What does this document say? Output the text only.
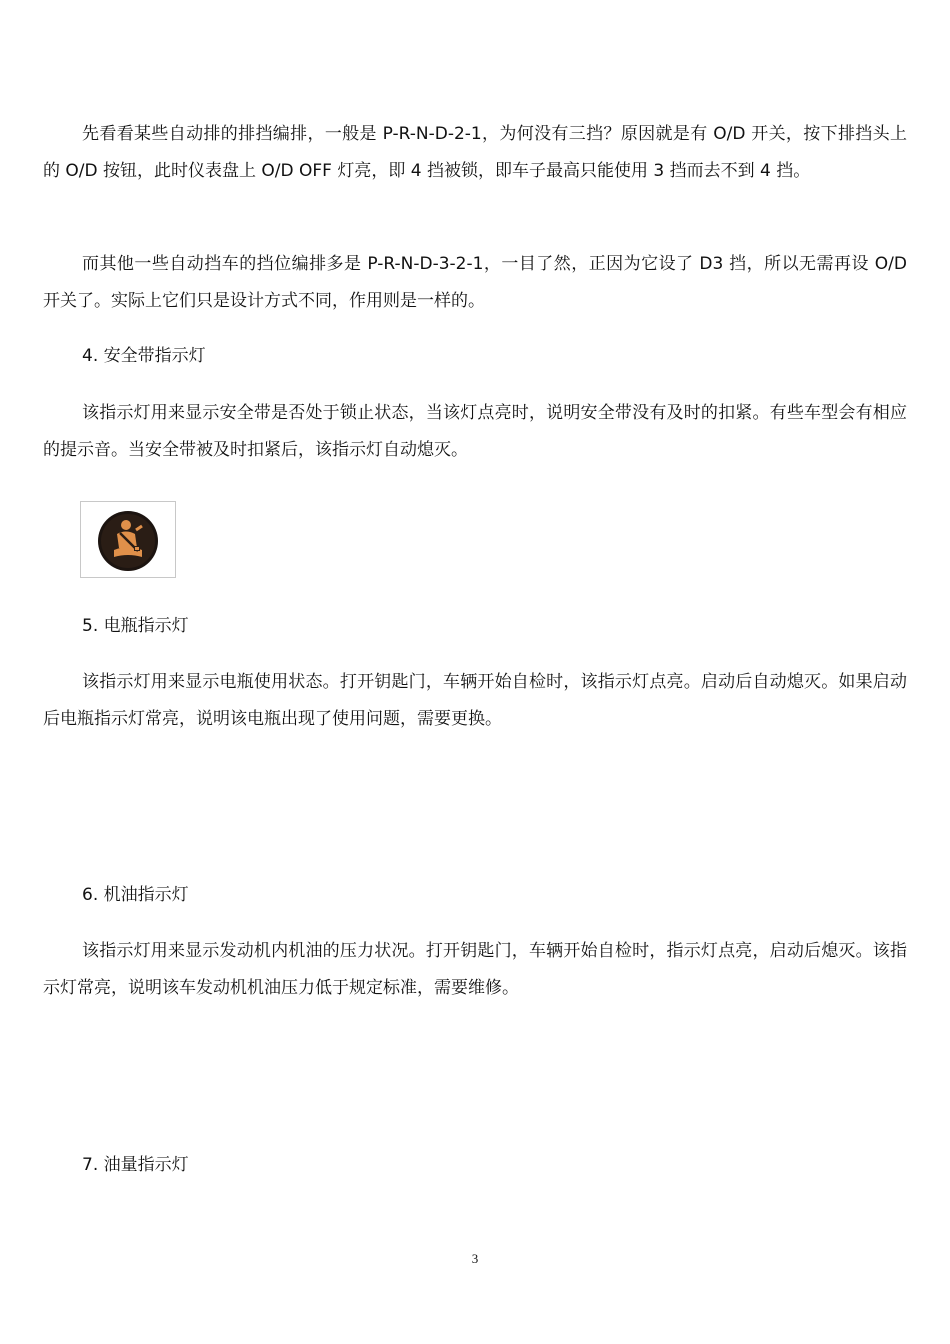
先看看某些自动排的排挡编排，一般是 P-R-N-D-2-1，为何没有三挡？原因就是有 O/D 开关，按下排挡头上的 O/D 按钮，此时仪表盘上 O/D OFF 灯亮，即 4 挡被锁，即车子最高只能使用 3 挡而去不到 4 挡。

而其他一些自动挡车的挡位编排多是 P-R-N-D-3-2-1，一目了然，正因为它设了 D3 挡，所以无需再设 O/D 开关了。实际上它们只是设计方式不同，作用则是一样的。

4. 安全带指示灯

该指示灯用来显示安全带是否处于锁止状态，当该灯点亮时，说明安全带没有及时的扣紧。有些车型会有相应的提示音。当安全带被及时扣紧后，该指示灯自动熄灭。

5. 电瓶指示灯

该指示灯用来显示电瓶使用状态。打开钥匙门，车辆开始自检时，该指示灯点亮。启动后自动熄灭。如果启动后电瓶指示灯常亮，说明该电瓶出现了使用问题，需要更换。

6. 机油指示灯

该指示灯用来显示发动机内机油的压力状况。打开钥匙门，车辆开始自检时，指示灯点亮，启动后熄灭。该指示灯常亮，说明该车发动机机油压力低于规定标准，需要维修。

7. 油量指示灯

3
